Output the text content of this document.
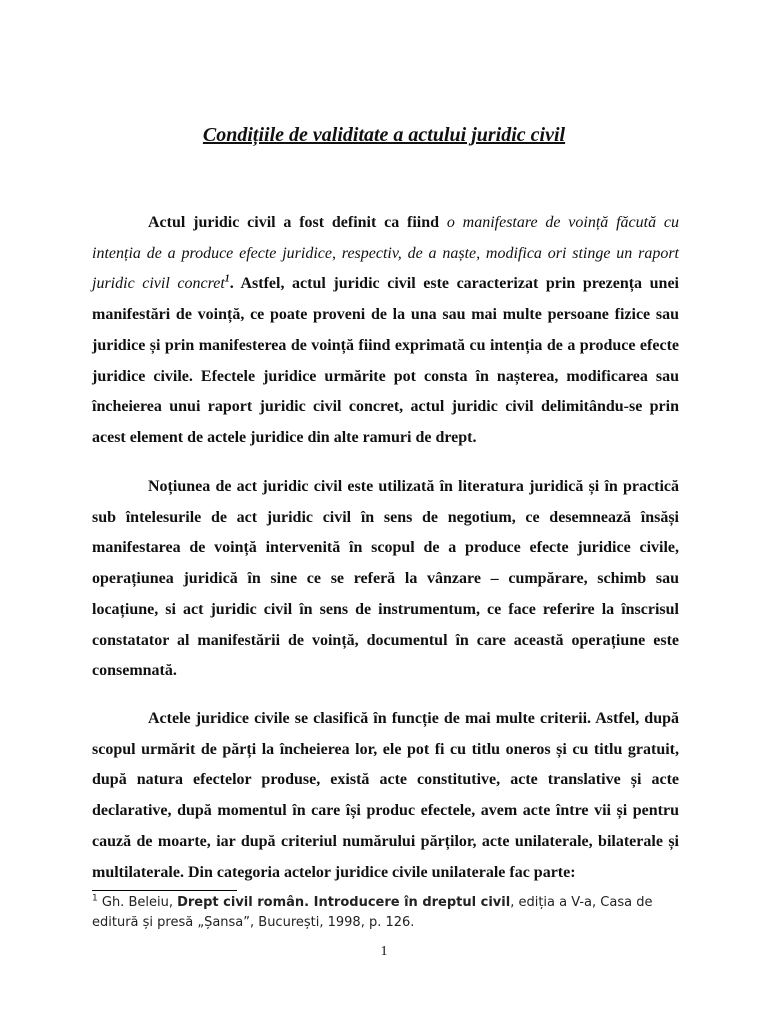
Condițiile de validitate a actului juridic civil

Actul juridic civil a fost definit ca fiind o manifestare de voință făcută cu intenția de a produce efecte juridice, respectiv, de a naște, modifica ori stinge un raport juridic civil concret$^1$. Astfel, actul juridic civil este caracterizat prin prezența unei manifestări de voință, ce poate proveni de la una sau mai multe persoane fizice sau juridice și prin manifesterea de voință fiind exprimată cu intenția de a produce efecte juridice civile. Efectele juridice urmărite pot consta în nașterea, modificarea sau încheierea unui raport juridic civil concret, actul juridic civil delimitându-se prin acest element de actele juridice din alte ramuri de drept.

Noțiunea de act juridic civil este utilizată în literatura juridică și în practică sub întelesurile de act juridic civil în sens de negotium, ce desemnează însăși manifestarea de voință intervenită în scopul de a produce efecte juridice civile, operațiunea juridică în sine ce se referă la vânzare – cumpărare, schimb sau locațiune, si act juridic civil în sens de instrumentum, ce face referire la înscrisul constatator al manifestării de voință, documentul în care această operațiune este consemnată.

Actele juridice civile se clasifică în funcție de mai multe criterii. Astfel, după scopul urmărit de părți la încheierea lor, ele pot fi cu titlu oneros și cu titlu gratuit, după natura efectelor produse, există acte constitutive, acte translative și acte declarative, după momentul în care își produc efectele, avem acte între vii și pentru cauză de moarte, iar după criteriul numărului părților, acte unilaterale, bilaterale și multilaterale. Din categoria actelor juridice civile unilaterale fac parte:

$^1$ Gh. Beleiu, Drept civil român. Introducere în dreptul civil, ediția a V-a, Casa de editură și presă „Șansa”, București, 1998, p. 126.
1
